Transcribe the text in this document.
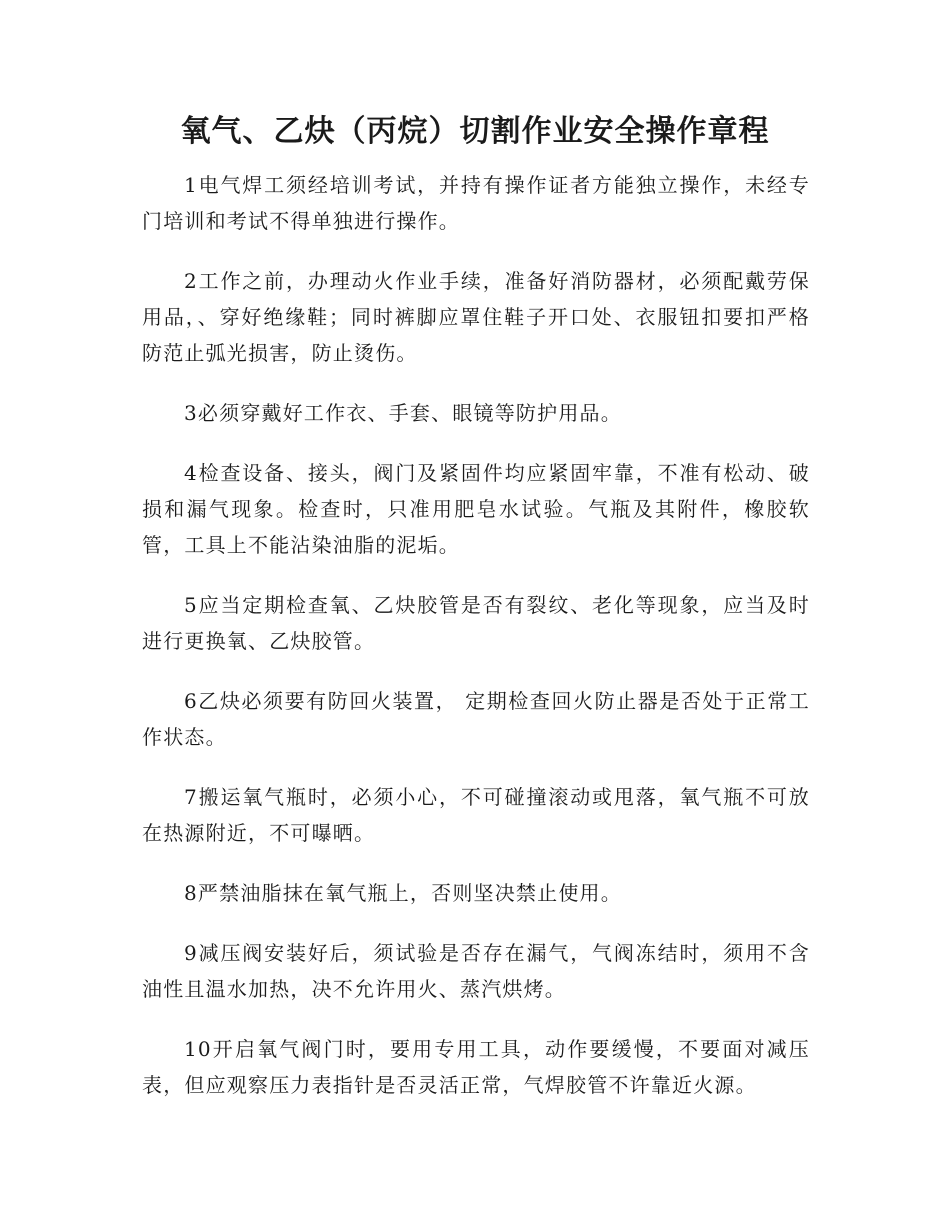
氧气、乙炔（丙烷）切割作业安全操作章程

1电气焊工须经培训考试，并持有操作证者方能独立操作，未经专门培训和考试不得单独进行操作。

2工作之前，办理动火作业手续，准备好消防器材，必须配戴劳保用品，、穿好绝缘鞋；同时裤脚应罩住鞋子开口处、衣服钮扣要扣严格防范止弧光损害，防止烫伤。

3必须穿戴好工作衣、手套、眼镜等防护用品。

4检查设备、接头，阀门及紧固件均应紧固牢靠，不准有松动、破损和漏气现象。检查时，只准用肥皂水试验。气瓶及其附件，橡胶软管，工具上不能沾染油脂的泥垢。

5应当定期检查氧、乙炔胶管是否有裂纹、老化等现象，应当及时进行更换氧、乙炔胶管。

6乙炔必须要有防回火装置， 定期检查回火防止器是否处于正常工作状态。

7搬运氧气瓶时，必须小心，不可碰撞滚动或甩落，氧气瓶不可放在热源附近，不可曝晒。

8严禁油脂抹在氧气瓶上，否则坚决禁止使用。

9减压阀安装好后，须试验是否存在漏气，气阀冻结时，须用不含油性且温水加热，决不允许用火、蒸汽烘烤。

10开启氧气阀门时，要用专用工具，动作要缓慢，不要面对减压表，但应观察压力表指针是否灵活正常，气焊胶管不许靠近火源。
